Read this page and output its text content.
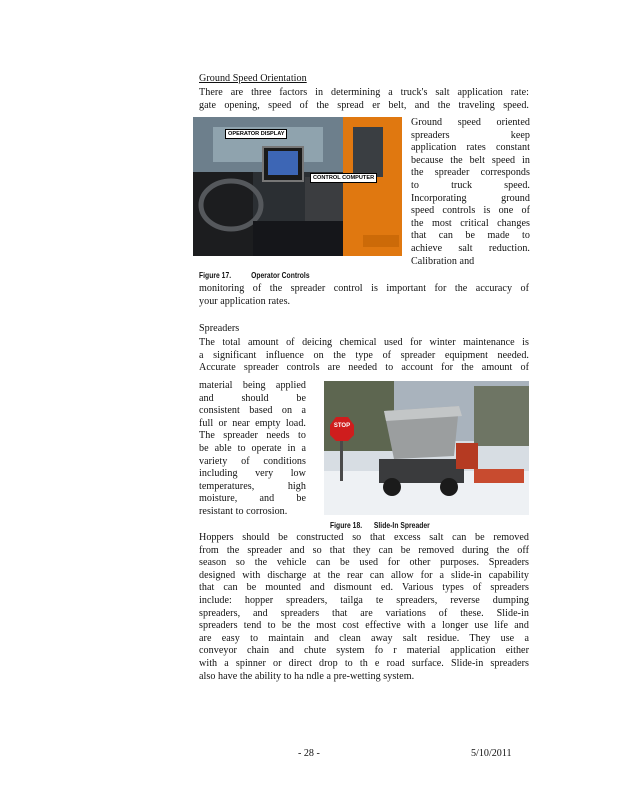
Ground Speed Orientation
There are three factors in determining a truck's salt application rate:
gate opening, speed of the spread er belt, and the traveling speed.
OPERATOR DISPLAY
CONTROL COMPUTER
Ground speed oriented
spreaders keep
application rates constant
because the belt speed in
the spreader corresponds
to truck speed.
Incorporating ground
speed controls is one of
the most critical changes
that can be made to
achieve salt reduction.
Calibration and
Figure 17. Operator Controls
monitoring of the spreader control is important for the accuracy of
your application rates.
Spreaders
The total amount of deicing chemical used for winter maintenance is
a significant influence on the type of spreader equipment needed.
Accurate spreader controls are needed to account for the amount of
material being applied
and should be
consistent based on a
full or near empty load.
The spreader needs to
be able to operate in a
variety of conditions
including very low
temperatures, high
moisture, and be
resistant to corrosion.
STOP
Figure 18. Slide-In Spreader
Hoppers should be constructed so that excess salt can be removed
from the spreader and so that they can be removed during the off
season so the vehicle can be used for other purposes. Spreaders
designed with discharge at the rear can allow for a slide-in capability
that can be mounted and dismount ed. Various types of spreaders
include: hopper spreaders, tailga te spreaders, reverse dumping
spreaders, and spreaders that are variations of these. Slide-in
spreaders tend to be the most cost effective with a longer use life and
are easy to maintain and clean away salt residue. They use a
conveyor chain and chute system fo r material application either
with a spinner or direct drop to th e road surface. Slide-in spreaders
also have the ability to ha ndle a pre-wetting system.
- 28 -	5/10/2011
